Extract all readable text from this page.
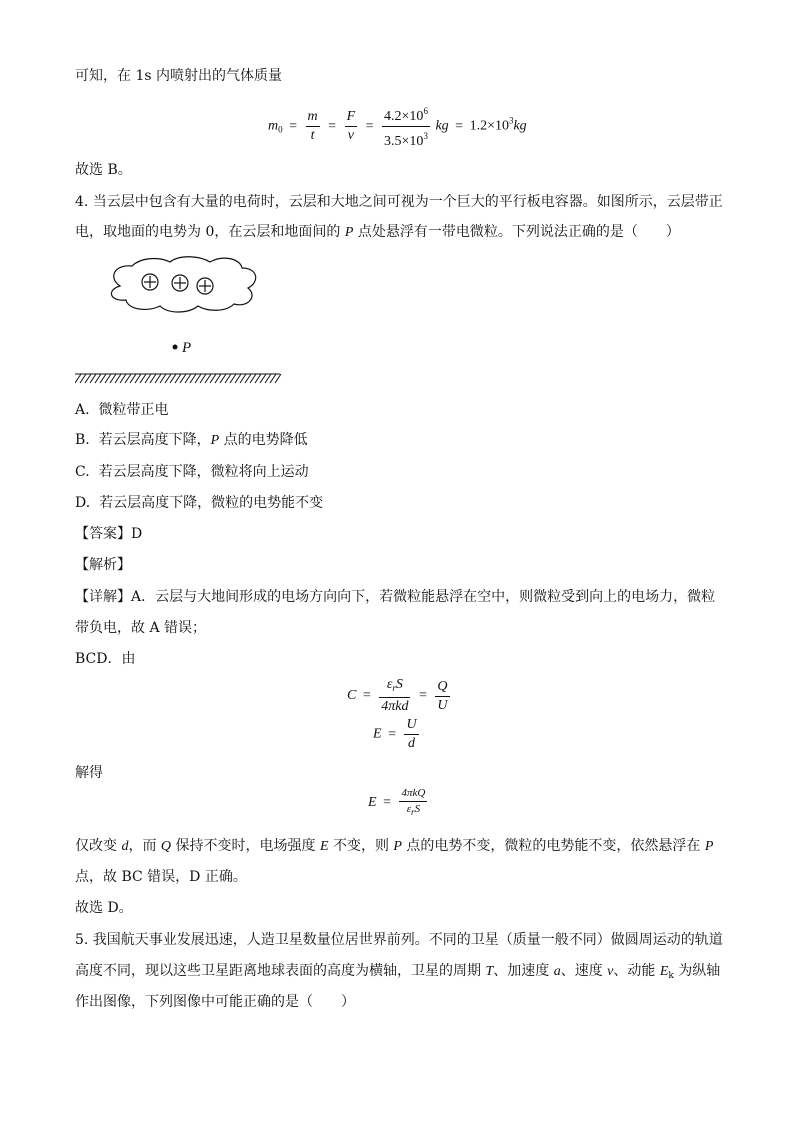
可知，在 1s 内喷射出的气体质量
$m_0 = \frac{m}{t} = \frac{F}{v} = \frac{4.2\times 10^6}{3.5\times 10^3}$ kg = $1.2\times 10^3kg$
故选 B。
4. 当云层中包含有大量的电荷时，云层和大地之间可视为一个巨大的平行板电容器。如图所示，云层带正
电，取地面的电势为 0，在云层和地面间的 P 点处悬浮有一带电微粒。下列说法正确的是（　　）
P
A. 微粒带正电
B. 若云层高度下降，P 点的电势降低
C. 若云层高度下降，微粒将向上运动
D. 若云层高度下降，微粒的电势能不变
【答案】D
【解析】
【详解】A．云层与大地间形成的电场方向向下，若微粒能悬浮在空中，则微粒受到向上的电场力，微粒
带负电，故 A 错误；
BCD．由
$C = \frac{\varepsilon_rS}{\text{4πkd}} = \frac{Q}{U}$
$E = \frac{U}{d}$
解得
$E = \frac{\text{4πkQ}}{\varepsilon_rS}$
仅改变 d，而 Q 保持不变时，电场强度 E 不变，则 P 点的电势不变，微粒的电势能不变，依然悬浮在 P
点，故 BC 错误，D 正确。
故选 D。
5. 我国航天事业发展迅速，人造卫星数量位居世界前列。不同的卫星（质量一般不同）做圆周运动的轨道
高度不同，现以这些卫星距离地球表面的高度为横轴，卫星的周期 T、加速度 a、速度 v、动能 $E_k$ 为纵轴
作出图像，下列图像中可能正确的是（　　）
